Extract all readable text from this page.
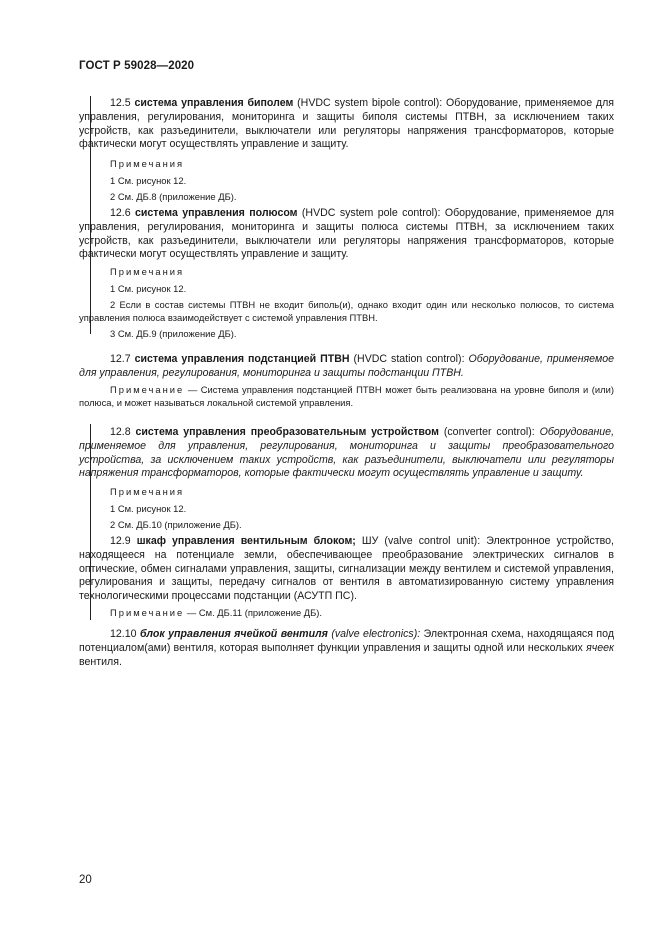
ГОСТ Р 59028—2020
12.5 система управления биполем (HVDC system bipole control): Оборудование, применяемое для управления, регулирования, мониторинга и защиты биполя системы ПТВН, за исключением таких устройств, как разъединители, выключатели или регуляторы напряжения трансформаторов, которые фактически могут осуществлять управление и защиту.
Примечания
1 См. рисунок 12.
2 См. ДБ.8 (приложение ДБ).
12.6 система управления полюсом (HVDC system pole control): Оборудование, применяемое для управления, регулирования, мониторинга и защиты полюса системы ПТВН, за исключением таких устройств, как разъединители, выключатели или регуляторы напряжения трансформаторов, которые фактически могут осуществлять управление и защиту.
Примечания
1 См. рисунок 12.
2 Если в состав системы ПТВН не входит биполь(и), однако входит один или несколько полюсов, то система управления полюса взаимодействует с системой управления ПТВН.
3 См. ДБ.9 (приложение ДБ).
12.7 система управления подстанцией ПТВН (HVDC station control): Оборудование, применяемое для управления, регулирования, мониторинга и защиты подстанции ПТВН.
Примечание — Система управления подстанцией ПТВН может быть реализована на уровне биполя и (или) полюса, и может называться локальной системой управления.
12.8 система управления преобразовательным устройством (converter control): Оборудование, применяемое для управления, регулирования, мониторинга и защиты преобразовательного устройства, за исключением таких устройств, как разъединители, выключатели или регуляторы напряжения трансформаторов, которые фактически могут осуществлять управление и защиту.
Примечания
1 См. рисунок 12.
2 См. ДБ.10 (приложение ДБ).
12.9 шкаф управления вентильным блоком; ШУ (valve control unit): Электронное устройство, находящееся на потенциале земли, обеспечивающее преобразование электрических сигналов в оптические, обмен сигналами управления, защиты, сигнализации между вентилем и системой управления, регулирования и защиты, передачу сигналов от вентиля в автоматизированную систему управления технологическими процессами подстанции (АСУТП ПС).
Примечание — См. ДБ.11 (приложение ДБ).
12.10 блок управления ячейкой вентиля (valve electronics): Электронная схема, находящаяся под потенциалом(ами) вентиля, которая выполняет функции управления и защиты одной или нескольких ячеек вентиля.
20
